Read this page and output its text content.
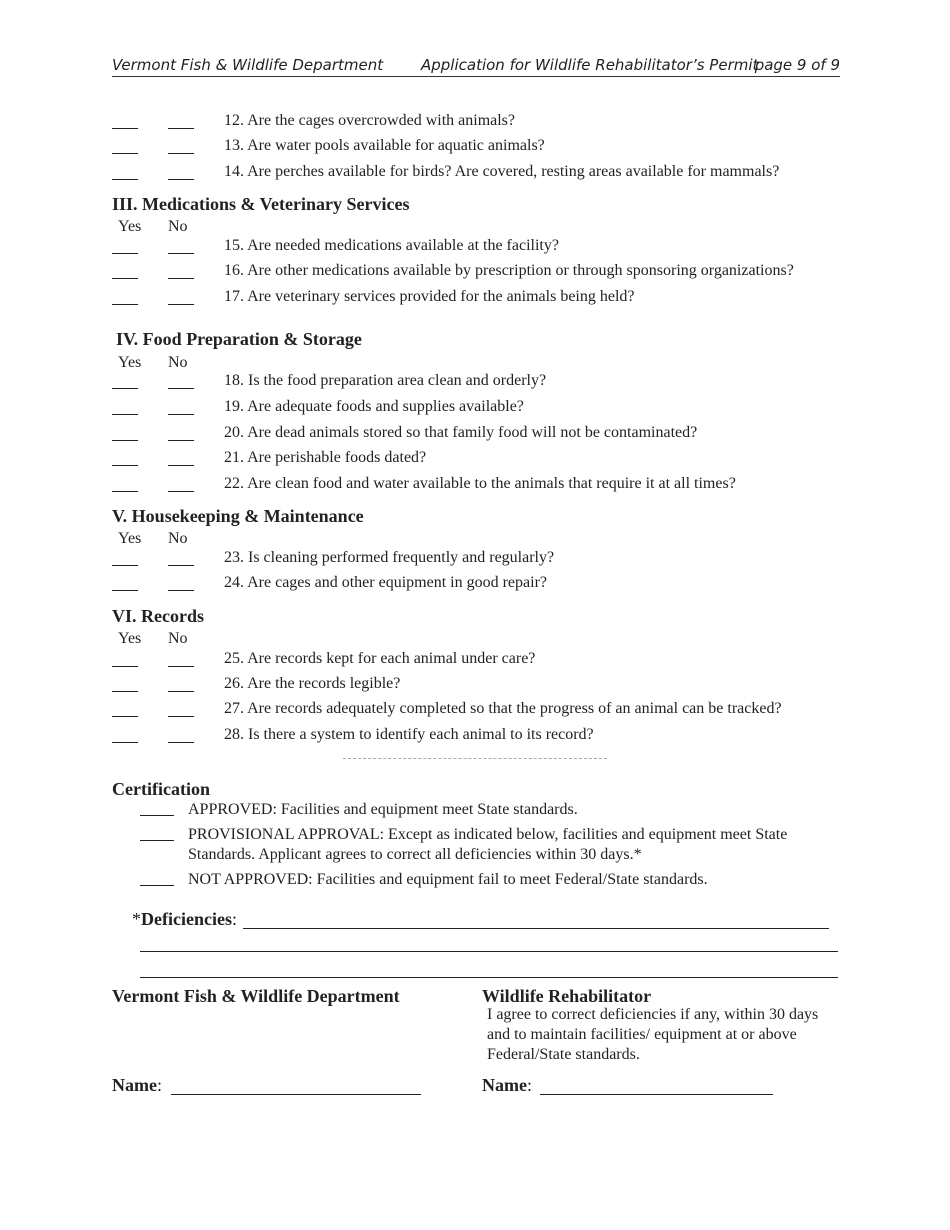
Vermont Fish & Wildlife Department	Application for Wildlife Rehabilitator’s Permit
page 9 of 9
12. Are the cages overcrowded with animals?
13. Are water pools available for aquatic animals?
14. Are perches available for birds? Are covered, resting areas available for mammals?
III. Medications & Veterinary Services
Yes No
15. Are needed medications available at the facility?
16. Are other medications available by prescription or through sponsoring organizations?
17. Are veterinary services provided for the animals being held?
IV. Food Preparation & Storage
Yes No
18. Is the food preparation area clean and orderly?
19. Are adequate foods and supplies available?
20. Are dead animals stored so that family food will not be contaminated?
21. Are perishable foods dated?
22. Are clean food and water available to the animals that require it at all times?
V. Housekeeping & Maintenance
Yes No
23. Is cleaning performed frequently and regularly?
24. Are cages and other equipment in good repair?
VI. Records
Yes No
25. Are records kept for each animal under care?
26. Are the records legible?
27. Are records adequately completed so that the progress of an animal can be tracked?
28. Is there a system to identify each animal to its record?
Certification
APPROVED: Facilities and equipment meet State standards.
PROVISIONAL APPROVAL: Except as indicated below, facilities and equipment meet State Standards. Applicant agrees to correct all deficiencies within 30 days.*
NOT APPROVED: Facilities and equipment fail to meet Federal/State standards.
*Deficiencies:
Vermont Fish & Wildlife Department	Wildlife Rehabilitator
I agree to correct deficiencies if any, within 30 days and to maintain facilities/ equipment at or above Federal/State standards.
Name:	Name:
